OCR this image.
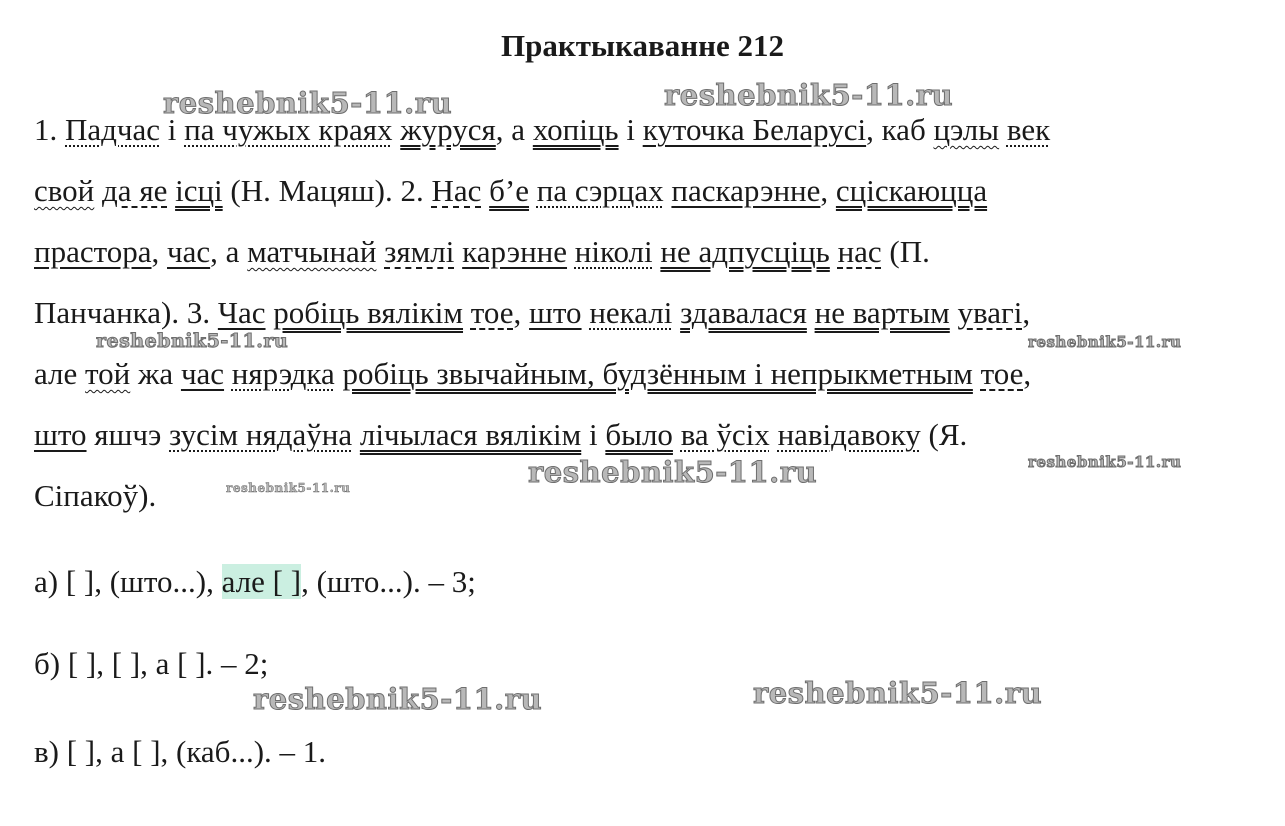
Практыкаванне 212
1. Падчас і па чужых краях журуся, а хопіць і куточка Беларусі, каб цэлы век
свой да яе ісці (Н. Мацяш). 2. Нас б’е па сэрцах паскарэнне, сціскаюцца
прастора, час, а матчынай зямлі карэнне ніколі не адпусціць нас (П.
Панчанка). 3. Час робіць вялікім тое, што некалі здавалася не вартым увагі,
але той жа час нярэдка робіць звычайным, будзённым і непрыкметным тое,
што яшчэ зусім нядаўна лічылася вялікім і было ва ўсіх навідавоку (Я.
Сіпакоў).
а) [ ], (што...), але [ ], (што...). – 3;
б) [ ], [ ], а [ ]. – 2;
в) [ ], а [ ], (каб...). – 1.
reshebnik5-11.ru	reshebnik5-11.ru
reshebnik5-11.ru	reshebnik5-11.ru
reshebnik5-11.ru	reshebnik5-11.ru
reshebnik5-11.ru
reshebnik5-11.ru	reshebnik5-11.ru
